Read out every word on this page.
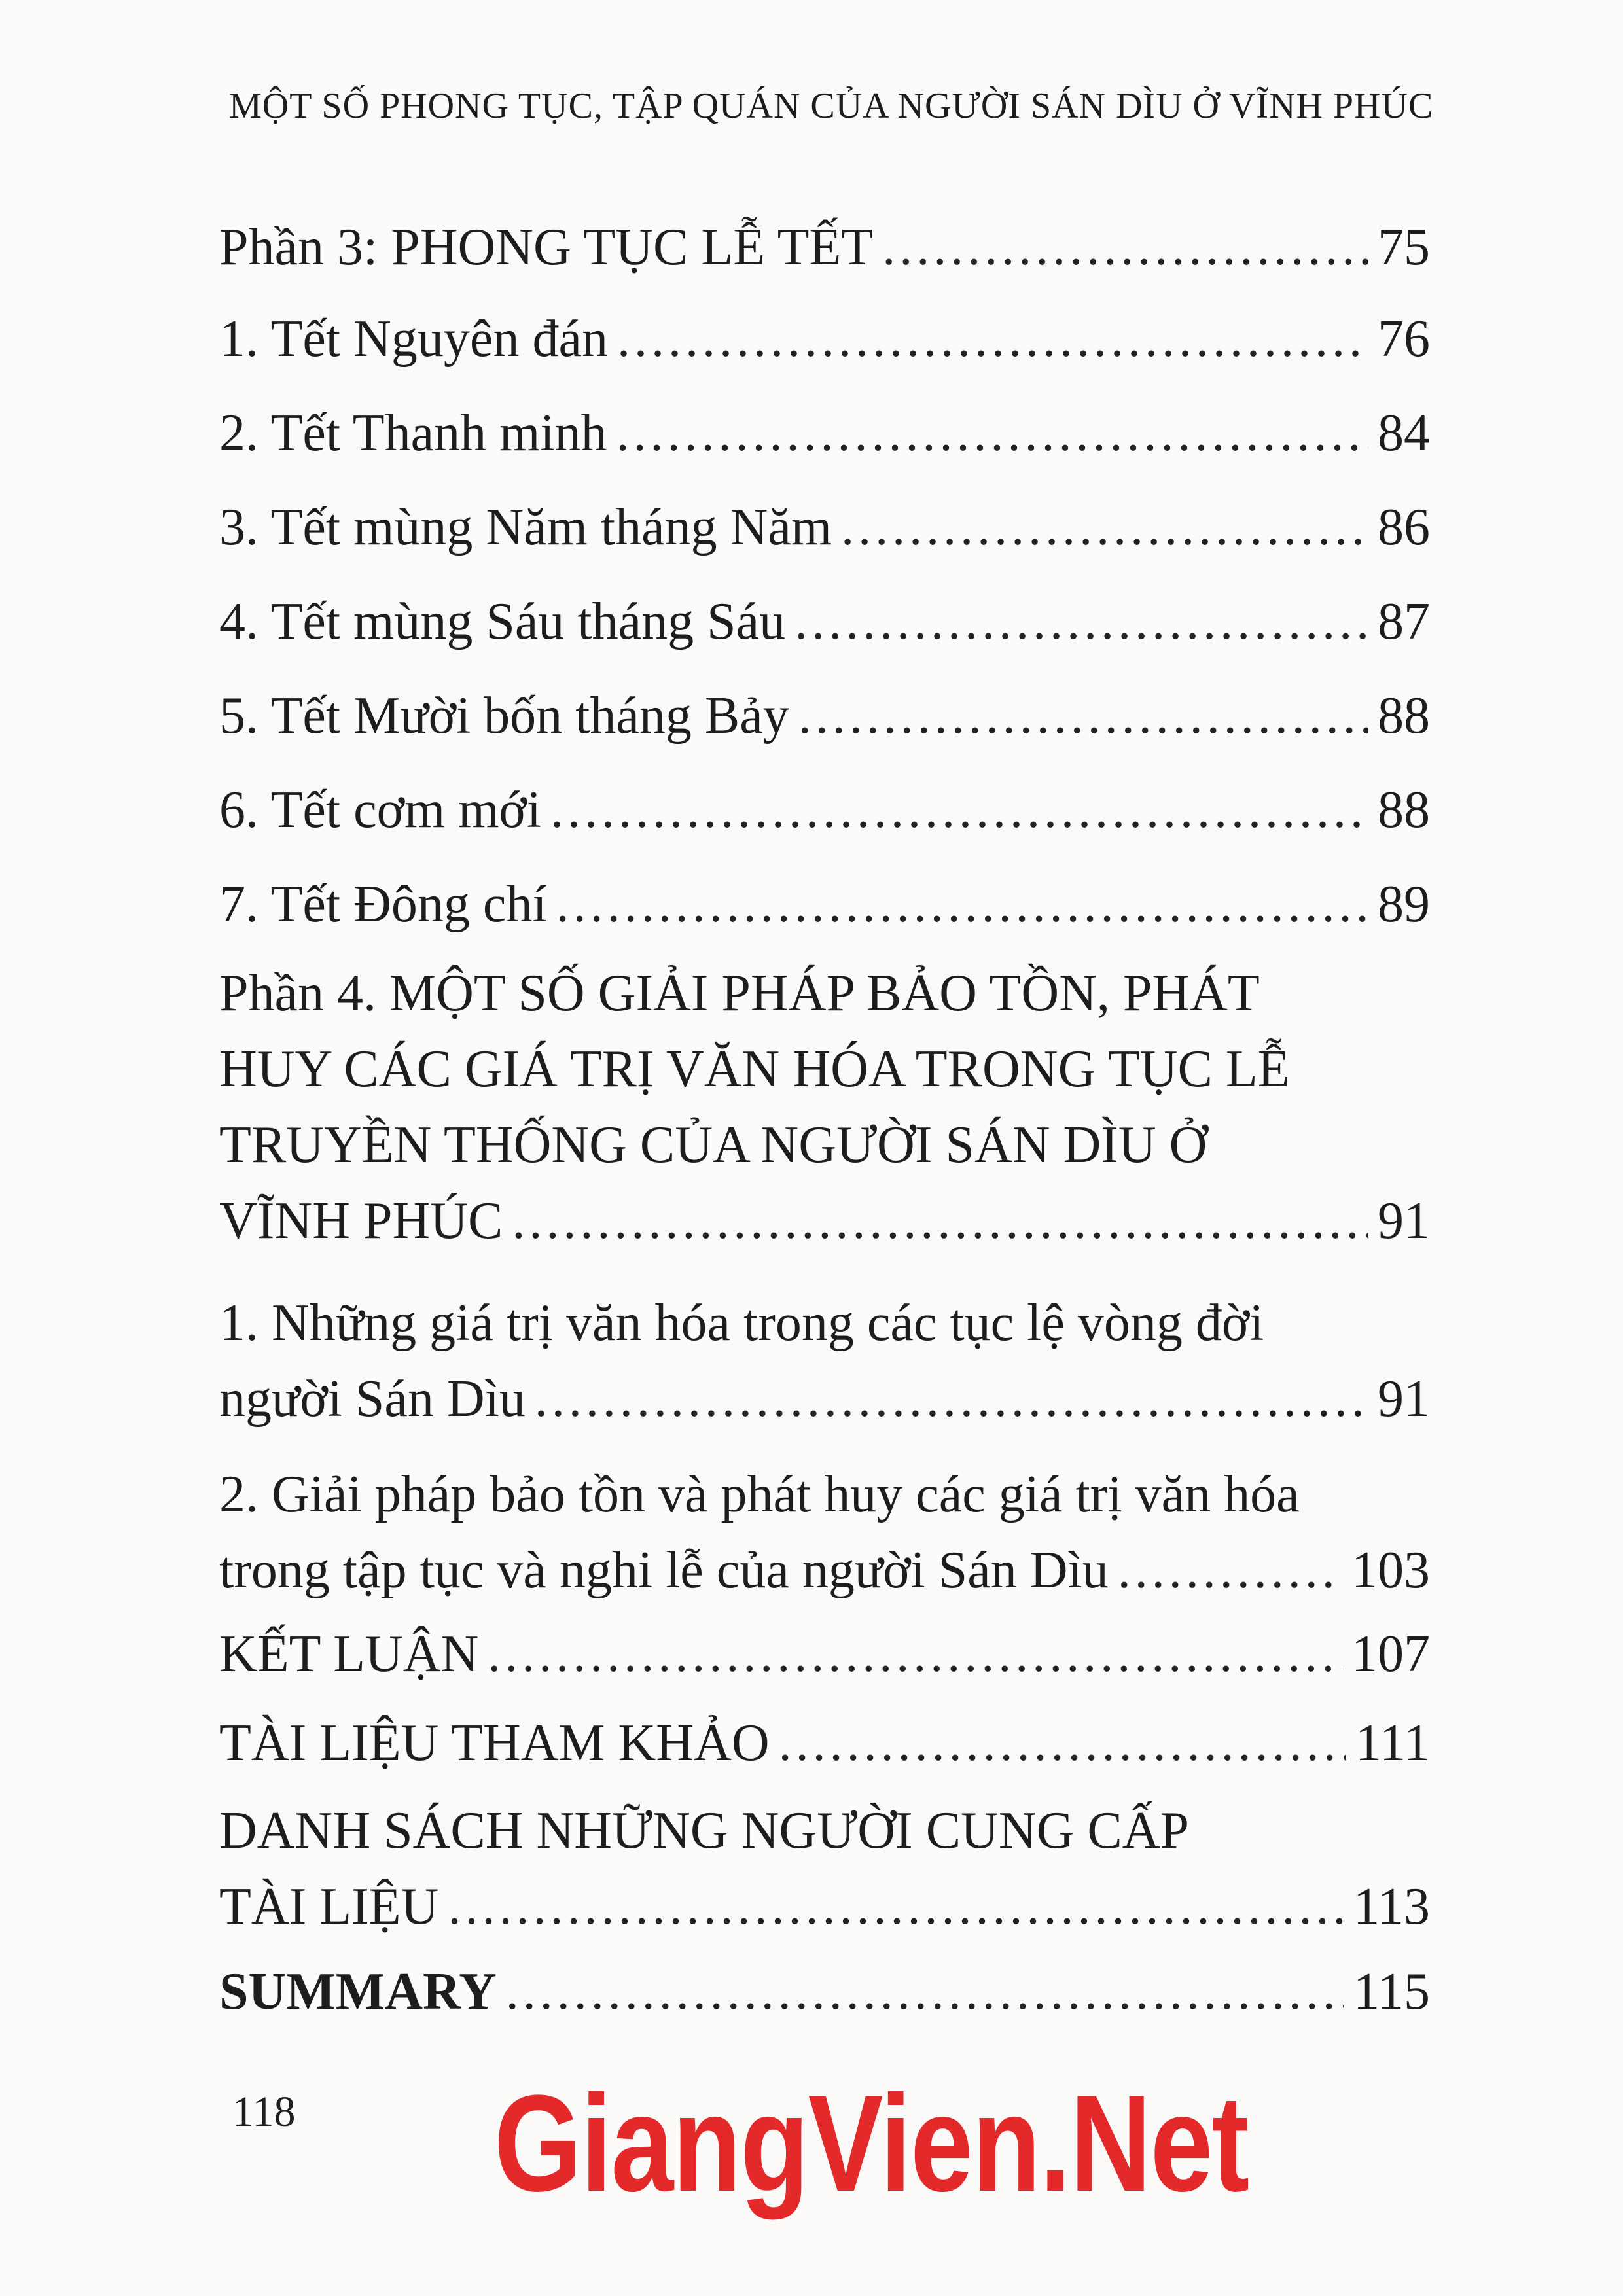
MỘT SỐ PHONG TỤC, TẬP QUÁN CỦA NGƯỜI SÁN DÌU Ở VĨNH PHÚC
Phần 3: PHONG TỤC LỄ TẾT .....	75
1. Tết Nguyên đán .....	76
2. Tết Thanh minh .....	84
3. Tết mùng Năm tháng Năm .....	86
4. Tết mùng Sáu tháng Sáu .....	87
5. Tết Mười bốn tháng Bảy .....	88
6. Tết cơm mới .....	88
7. Tết Đông chí .....	89
Phần 4. MỘT SỐ GIẢI PHÁP BẢO TỒN, PHÁT
HUY CÁC GIÁ TRỊ VĂN HÓA TRONG TỤC LỄ
TRUYỀN THỐNG CỦA NGƯỜI SÁN DÌU Ở
VĨNH PHÚC .....	91
1. Những giá trị văn hóa trong các tục lệ vòng đời
người Sán Dìu .....	91
2. Giải pháp bảo tồn và phát huy các giá trị văn hóa
trong tập tục và nghi lễ của người Sán Dìu .....	103
KẾT LUẬN .....	107
TÀI LIỆU THAM KHẢO .....	111
DANH SÁCH NHỮNG NGƯỜI CUNG CẤP
TÀI LIỆU .....	113
SUMMARY .....	115
118 GiangVien.Net
